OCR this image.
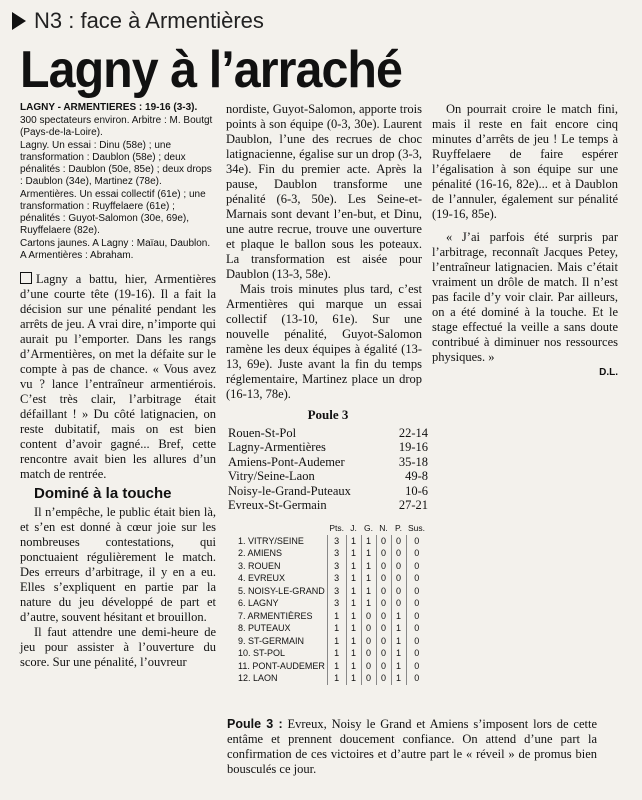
N3 : face à Armentières
Lagny à l’arraché
LAGNY - ARMENTIERES : 19-16 (3-3).
300 spectateurs environ. Arbitre : M. Boutgt (Pays-de-la-Loire).
Lagny. Un essai : Dinu (58e) ; une transformation : Daublon (58e) ; deux pénalités : Daublon (50e, 85e) ; deux drops : Daublon (34e), Martinez (78e).
Armentières. Un essai collectif (61e) ; une transformation : Ruyffelaere (61e) ; pénalités : Guyot-Salomon (30e, 69e), Ruyffelaere (82e).
Cartons jaunes. A Lagny : Maïau, Daublon. A Armentières : Abraham.

Lagny a battu, hier, Armentières d’une courte tête (19-16). Il a fait la décision sur une pénalité pendant les arrêts de jeu. A vrai dire, n’importe qui aurait pu l’emporter. Dans les rangs d’Armentières, on met la défaite sur le compte à pas de chance. « Vous avez vu ? lance l’entraîneur armentiérois. C’est très clair, l’arbitrage était défaillant ! » Du côté latignacien, on reste dubitatif, mais on est bien content d’avoir gagné... Bref, cette rencontre avait bien les allures d’un match de rentrée.

Dominé à la touche

Il n’empêche, le public était bien là, et s’en est donné à cœur joie sur les nombreuses contestations, qui ponctuaient régulièrement le match. Des erreurs d’arbitrage, il y en a eu. Elles s’expliquent en partie par la nature du jeu développé de part et d’autre, souvent hésitant et brouillon.

Il faut attendre une demi-heure de jeu pour assister à l’ouverture du score. Sur une pénalité, l’ouvreur

nordiste, Guyot-Salomon, apporte trois points à son équipe (0-3, 30e). Laurent Daublon, l’une des recrues de choc latignacienne, égalise sur un drop (3-3, 34e). Fin du premier acte. Après la pause, Daublon transforme une pénalité (6-3, 50e). Les Seine-et-Marnais sont devant l’en-but, et Dinu, une autre recrue, trouve une ouverture et plaque le ballon sous les poteaux. La transformation est aisée pour Daublon (13-3, 58e).

Mais trois minutes plus tard, c’est Armentières qui marque un essai collectif (13-10, 61e). Sur une nouvelle pénalité, Guyot-Salomon ramène les deux équipes à égalité (13-13, 69e). Juste avant la fin du temps réglementaire, Martinez place un drop (16-13, 78e).

On pourrait croire le match fini, mais il reste en fait encore cinq minutes d’arrêts de jeu ! Le temps à Ruyffelaere de faire espérer l’égalisation à son équipe sur une pénalité (16-16, 82e)... et à Daublon de l’annuler, également sur pénalité (19-16, 85e).

« J’ai parfois été surpris par l’arbitrage, reconnaît Jacques Petey, l’entraîneur latignacien. Mais c’était vraiment un drôle de match. Il n’est pas facile d’y voir clair. Par ailleurs, on a été dominé à la touche. Et le stage effectué la veille a sans doute contribué à diminuer nos ressources physiques. »

D.L.
Poule 3
Rouen-St-Pol	22-14
Lagny-Armentières	19-16
Amiens-Pont-Audemer	35-18
Vitry/Seine-Laon	49-8
Noisy-le-Grand-Puteaux	10-6
Evreux-St-Germain	27-21
	Pts.	J.	G.	N.	P.	Sus.
1. VITRY/SEINE	3	1	1	0	0	0
2. AMIENS	3	1	1	0	0	0
3. ROUEN	3	1	1	0	0	0
4. EVREUX	3	1	1	0	0	0
5. NOISY-LE-GRAND	3	1	1	0	0	0
6. LAGNY	3	1	1	0	0	0
7. ARMENTIÈRES	1	1	0	0	1	0
8. PUTEAUX	1	1	0	0	1	0
9. ST-GERMAIN	1	1	0	0	1	0
10. ST-POL	1	1	0	0	1	0
11. PONT-AUDEMER	1	1	0	0	1	0
12. LAON	1	1	0	0	1	0
Poule 3 : Evreux, Noisy le Grand et Amiens s’imposent lors de cette entâme et prennent doucement confiance. On attend d’une part la confirmation de ces victoires et d’autre part le « réveil » de promus bien bousculés ce jour.
